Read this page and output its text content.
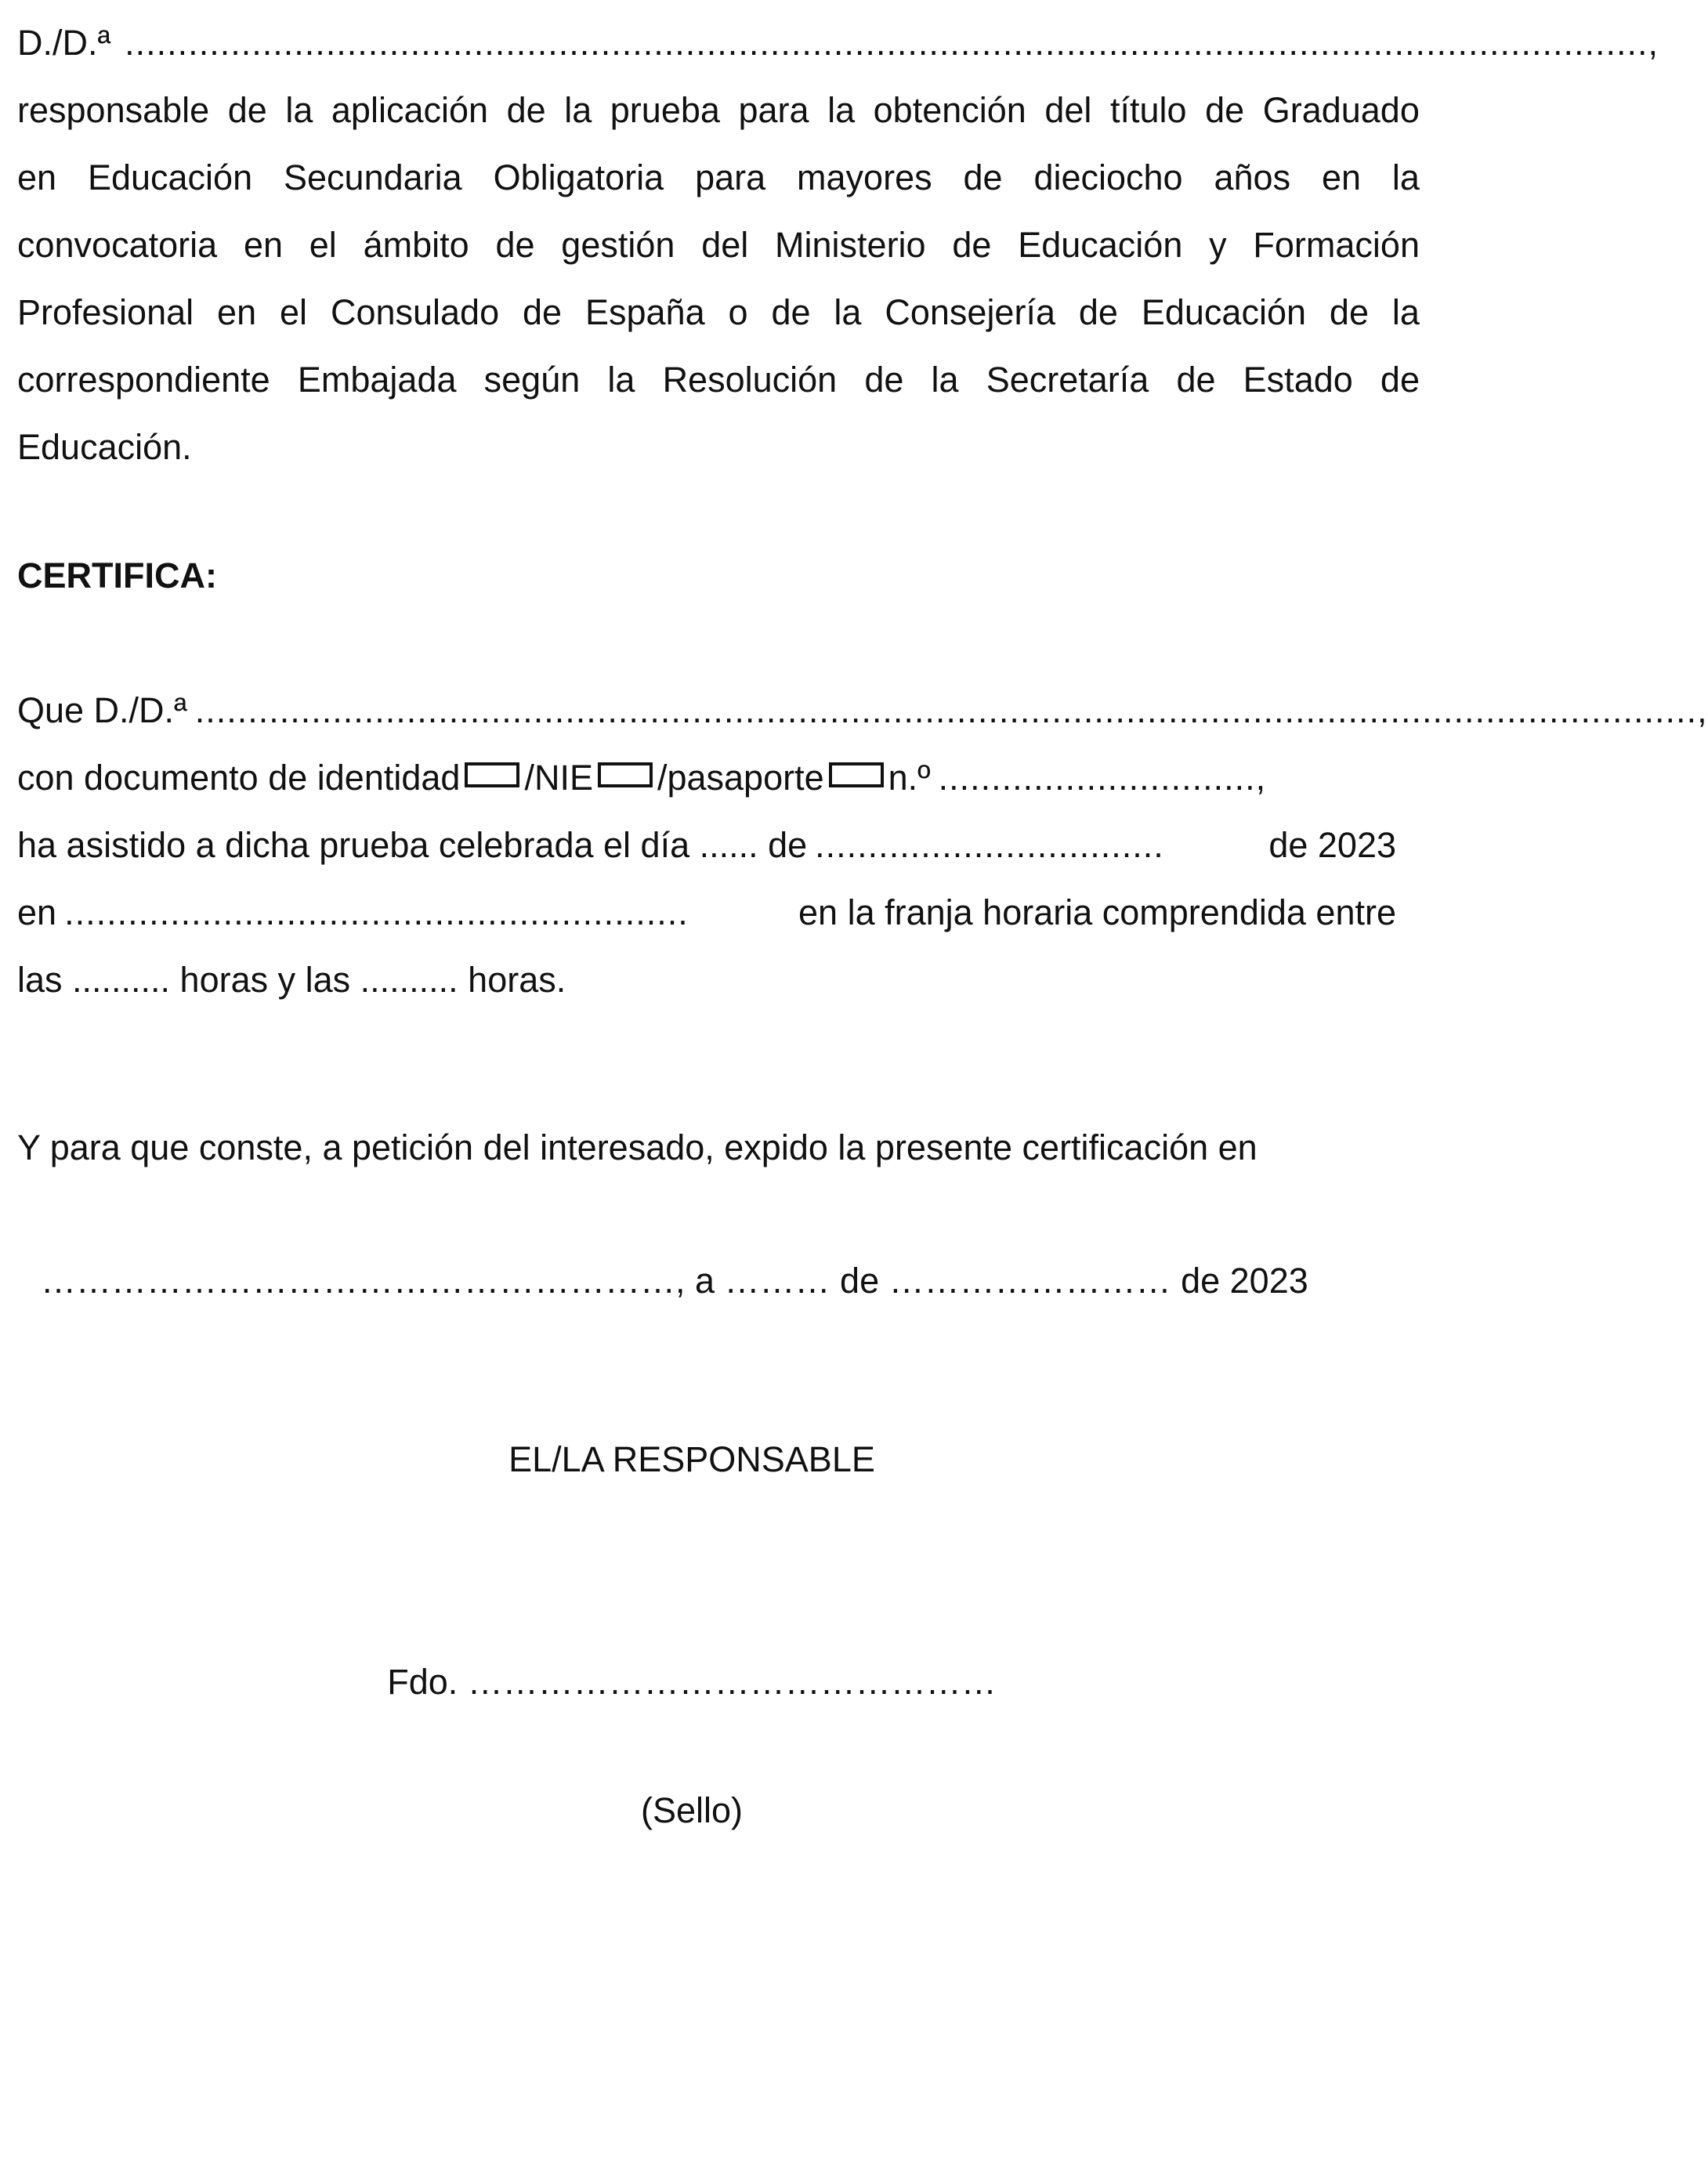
D./D.ª ................................................................................................................................................,
responsable de la aplicación de la prueba para la obtención del título de Graduado
en Educación Secundaria Obligatoria para mayores de dieciocho años en la
convocatoria en el ámbito de gestión del Ministerio de Educación y Formación
Profesional en el Consulado de España o de la Consejería de Educación de la
correspondiente Embajada según la Resolución de la Secretaría de Estado de
Educación.
CERTIFICA:
Que D./D.ª ..............................................................................................................................................,
con documento de identidad /NIE /pasaporte n.º ..............................,
ha asistido a dicha prueba celebrada el día ...... de .................................	de 2023
en ...........................................................	en la franja horaria comprendida entre
las .......... horas y las .......... horas.
Y para que conste, a petición del interesado, expido la presente certificación en
………………………………………………, a ……… de …………………… de 2023
EL/LA RESPONSABLE
Fdo. ………………………………………
(Sello)
